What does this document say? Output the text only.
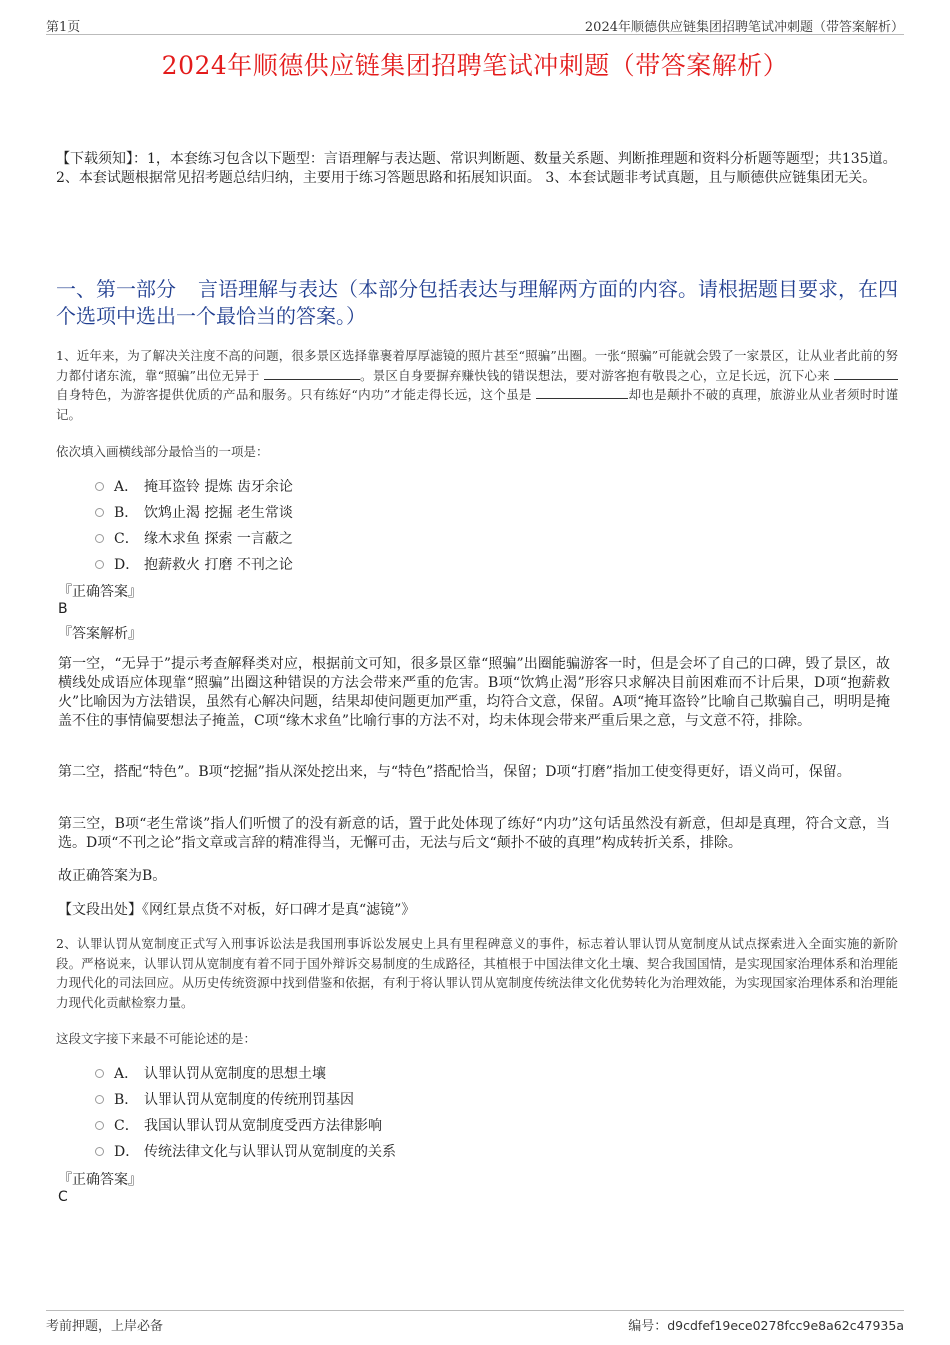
第1页	2024年顺德供应链集团招聘笔试冲刺题（带答案解析）
2024年顺德供应链集团招聘笔试冲刺题（带答案解析）
【下载须知】：1，本套练习包含以下题型：言语理解与表达题、常识判断题、数量关系题、判断推理题和资料分析题等题型；共135道。 2、本套试题根据常见招考题总结归纳，主要用于练习答题思路和拓展知识面。 3、本套试题非考试真题，且与顺德供应链集团无关。
一、第一部分 言语理解与表达（本部分包括表达与理解两方面的内容。请根据题目要求，在四个选项中选出一个最恰当的答案。）
1、近年来，为了解决关注度不高的问题，很多景区选择靠裹着厚厚滤镜的照片甚至“照骗”出圈。一张“照骗”可能就会毁了一家景区，让从业者此前的努力都付诸东流，靠“照骗”出位无异于	。景区自身要摒弃赚快钱的错误想法，要对游客抱有敬畏之心，立足长远，沉下心来 自身特色，为游客提供优质的产品和服务。只有练好“内功”才能走得长远，这个虽是	却也是颠扑不破的真理，旅游业从业者须时时谨记。
依次填入画横线部分最恰当的一项是：
A． 掩耳盗铃 提炼 齿牙余论
B． 饮鸩止渴 挖掘 老生常谈
C． 缘木求鱼 探索 一言蔽之
D． 抱薪救火 打磨 不刊之论
『正确答案』
B
『答案解析』
第一空，“无异于”提示考查解释类对应，根据前文可知，很多景区靠“照骗”出圈能骗游客一时，但是会坏了自己的口碑，毁了景区，故横线处成语应体现靠“照骗”出圈这种错误的方法会带来严重的危害。B项“饮鸩止渴”形容只求解决目前困难而不计后果，D项“抱薪救火”比喻因为方法错误，虽然有心解决问题，结果却使问题更加严重，均符合文意，保留。A项“掩耳盗铃”比喻自己欺骗自己，明明是掩盖不住的事情偏要想法子掩盖，C项“缘木求鱼”比喻行事的方法不对，均未体现会带来严重后果之意，与文意不符，排除。
第二空，搭配“特色”。B项“挖掘”指从深处挖出来，与“特色”搭配恰当，保留；D项“打磨”指加工使变得更好，语义尚可，保留。
第三空，B项“老生常谈”指人们听惯了的没有新意的话，置于此处体现了练好“内功”这句话虽然没有新意，但却是真理，符合文意，当选。D项“不刊之论”指文章或言辞的精准得当，无懈可击，无法与后文“颠扑不破的真理”构成转折关系，排除。
故正确答案为B。
【文段出处】《网红景点货不对板，好口碑才是真“滤镜”》
2、认罪认罚从宽制度正式写入刑事诉讼法是我国刑事诉讼发展史上具有里程碑意义的事件，标志着认罪认罚从宽制度从试点探索进入全面实施的新阶段。严格说来，认罪认罚从宽制度有着不同于国外辩诉交易制度的生成路径，其植根于中国法律文化土壤、契合我国国情，是实现国家治理体系和治理能力现代化的司法回应。从历史传统资源中找到借鉴和依据，有利于将认罪认罚从宽制度传统法律文化优势转化为治理效能，为实现国家治理体系和治理能力现代化贡献检察力量。
这段文字接下来最不可能论述的是：
A． 认罪认罚从宽制度的思想土壤
B． 认罪认罚从宽制度的传统刑罚基因
C． 我国认罪认罚从宽制度受西方法律影响
D． 传统法律文化与认罪认罚从宽制度的关系
『正确答案』
C
考前押题，上岸必备	编号：d9cdfef19ece0278fcc9e8a62c47935a
